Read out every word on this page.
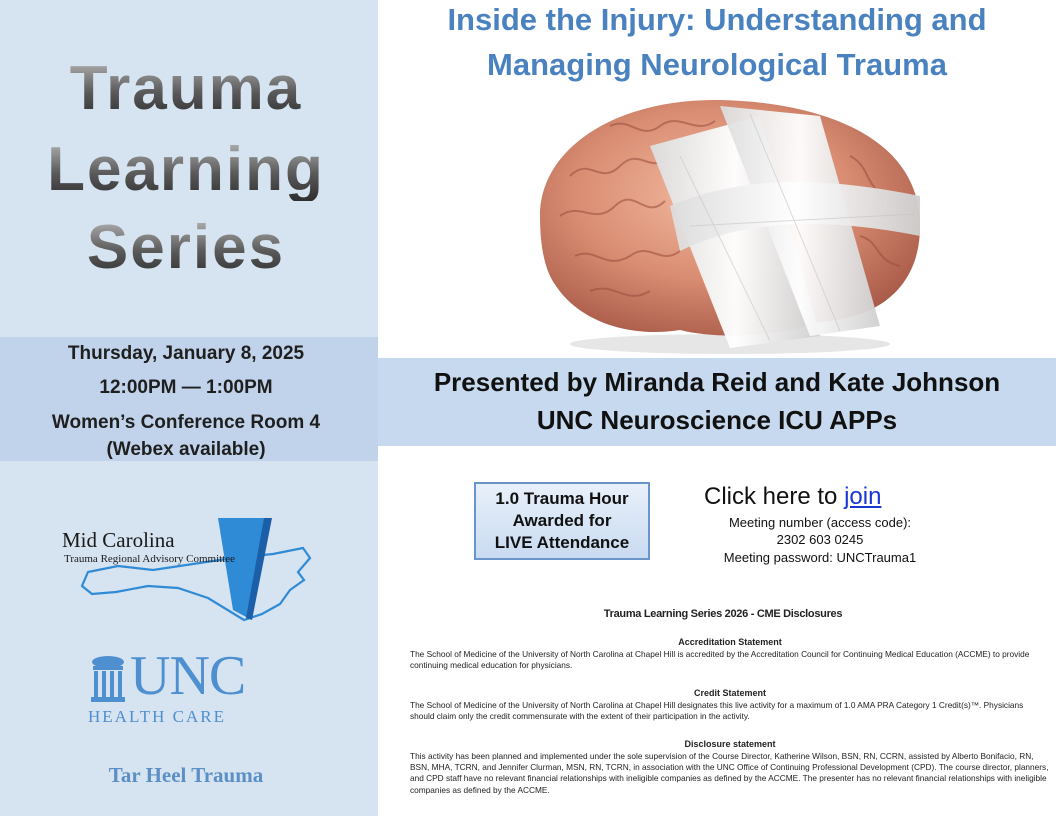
Trauma
Learning
Series
Thursday, January 8, 2025
12:00PM — 1:00PM
Women’s Conference Room 4
(Webex available)
Mid Carolina
Trauma Regional Advisory Committee
UNC
HEALTH CARE
Tar Heel Trauma
Inside the Injury: Understanding and
Managing Neurological Trauma
Presented by Miranda Reid and Kate Johnson
UNC Neuroscience ICU APPs
1.0 Trauma Hour
Awarded for
LIVE Attendance
Click here to join
Meeting number (access code):
2302 603 0245
Meeting password: UNCTrauma1
Trauma Learning Series 2026 - CME Disclosures
Accreditation Statement
The School of Medicine of the University of North Carolina at Chapel Hill is accredited by the Accreditation Council for Continuing Medical Education (ACCME) to provide continuing medical education for physicians.
Credit Statement
The School of Medicine of the University of North Carolina at Chapel Hill designates this live activity for a maximum of 1.0 AMA PRA Category 1 Credit(s)™. Physicians should claim only the credit commensurate with the extent of their participation in the activity.
Disclosure statement
This activity has been planned and implemented under the sole supervision of the Course Director, Katherine Wilson, BSN, RN, CCRN, assisted by Alberto Bonifacio, RN, BSN, MHA, TCRN, and Jennifer Clurman, MSN, RN, TCRN, in association with the UNC Office of Continuing Professional Development (CPD). The course director, planners, and CPD staff have no relevant financial relationships with ineligible companies as defined by the ACCME. The presenter has no relevant financial relationships with ineligible companies as defined by the ACCME.
